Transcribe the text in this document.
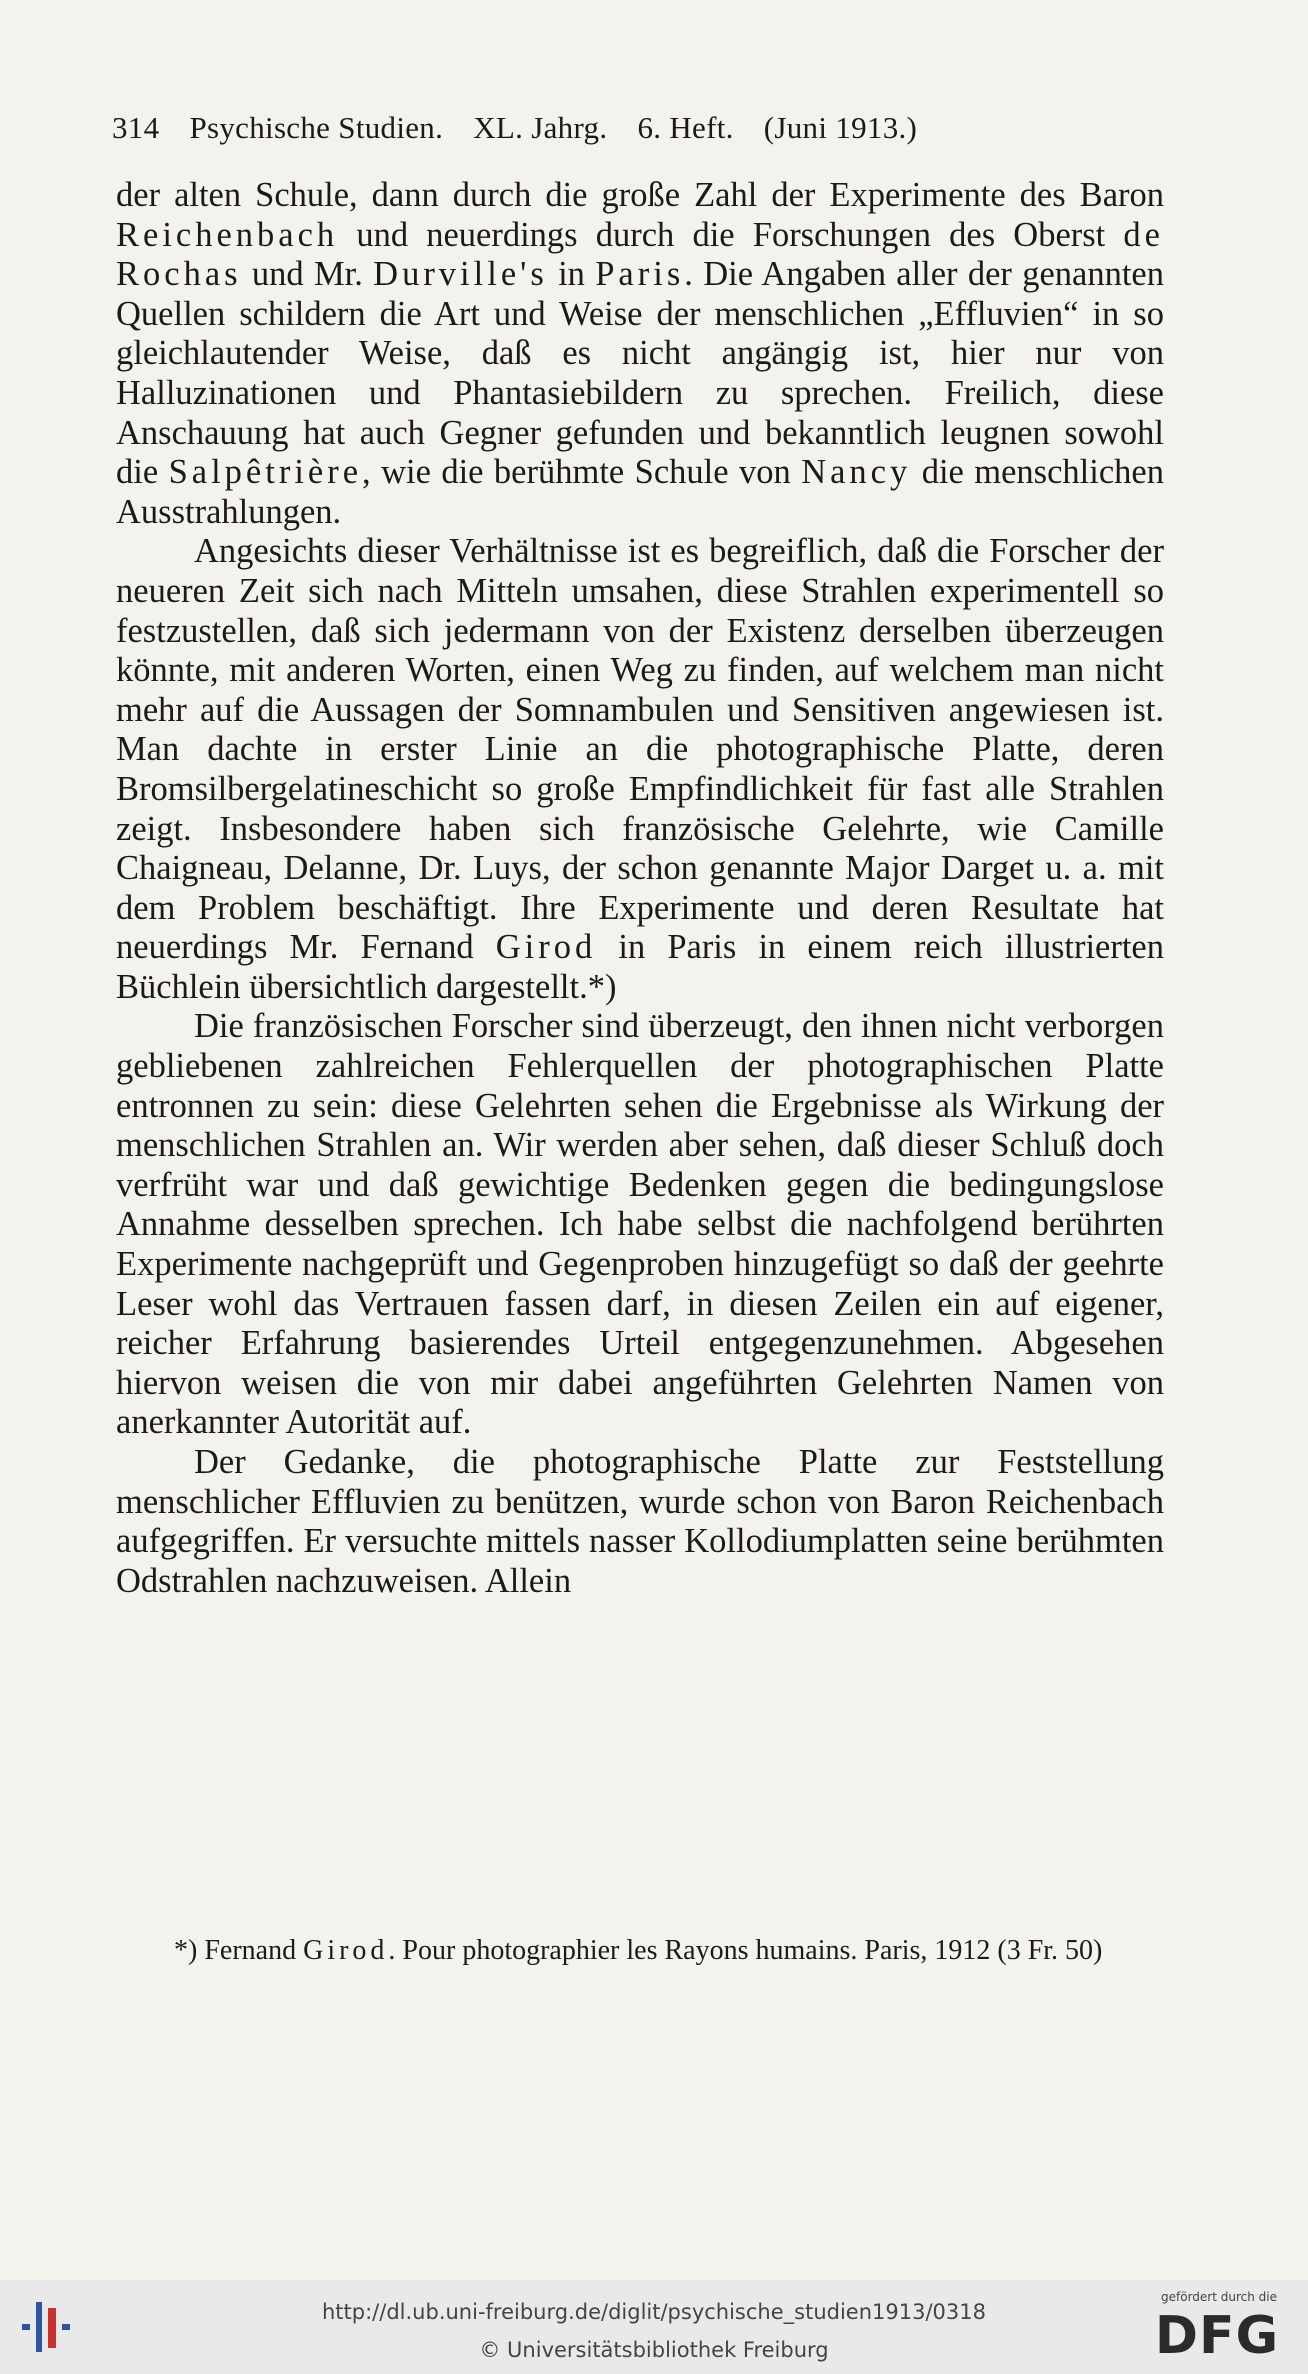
314 Psychische Studien. XL. Jahrg. 6. Heft. (Juni 1913.)

der alten Schule, dann durch die große Zahl der Experimente des Baron Reichenbach und neuerdings durch die Forschungen des Oberst de Rochas und Mr. Durville's in Paris. Die Angaben aller der genannten Quellen schildern die Art und Weise der menschlichen „Effluvien“ in so gleichlautender Weise, daß es nicht angängig ist, hier nur von Halluzinationen und Phantasiebildern zu sprechen. Freilich, diese Anschauung hat auch Gegner gefunden und bekanntlich leugnen sowohl die Salpêtrière, wie die berühmte Schule von Nancy die menschlichen Ausstrahlungen.

Angesichts dieser Verhältnisse ist es begreiflich, daß die Forscher der neueren Zeit sich nach Mitteln umsahen, diese Strahlen experimentell so festzustellen, daß sich jedermann von der Existenz derselben überzeugen könnte, mit anderen Worten, einen Weg zu finden, auf welchem man nicht mehr auf die Aussagen der Somnambulen und Sensitiven angewiesen ist. Man dachte in erster Linie an die photographische Platte, deren Bromsilbergelatineschicht so große Empfindlichkeit für fast alle Strahlen zeigt. Insbesondere haben sich französische Gelehrte, wie Camille Chaigneau, Delanne, Dr. Luys, der schon genannte Major Darget u. a. mit dem Problem beschäftigt. Ihre Experimente und deren Resultate hat neuerdings Mr. Fernand Girod in Paris in einem reich illustrierten Büchlein übersichtlich dargestellt.*)

Die französischen Forscher sind überzeugt, den ihnen nicht verborgen gebliebenen zahlreichen Fehlerquellen der photographischen Platte entronnen zu sein: diese Gelehrten sehen die Ergebnisse als Wirkung der menschlichen Strahlen an. Wir werden aber sehen, daß dieser Schluß doch verfrüht war und daß gewichtige Bedenken gegen die bedingungslose Annahme desselben sprechen. Ich habe selbst die nachfolgend berührten Experimente nachgeprüft und Gegenproben hinzugefügt so daß der geehrte Leser wohl das Vertrauen fassen darf, in diesen Zeilen ein auf eigener, reicher Erfahrung basierendes Urteil entgegenzunehmen. Abgesehen hiervon weisen die von mir dabei angeführten Gelehrten Namen von anerkannter Autorität auf.

Der Gedanke, die photographische Platte zur Feststellung menschlicher Effluvien zu benützen, wurde schon von Baron Reichenbach aufgegriffen. Er versuchte mittels nasser Kollodiumplatten seine berühmten Odstrahlen nachzuweisen. Allein

*) Fernand Girod. Pour photographier les Rayons humains. Paris, 1912 (3 Fr. 50)
http://dl.ub.uni-freiburg.de/diglit/psychische_studien1913/0318
© Universitätsbibliothek Freiburg
gefördert durch die
DFG
